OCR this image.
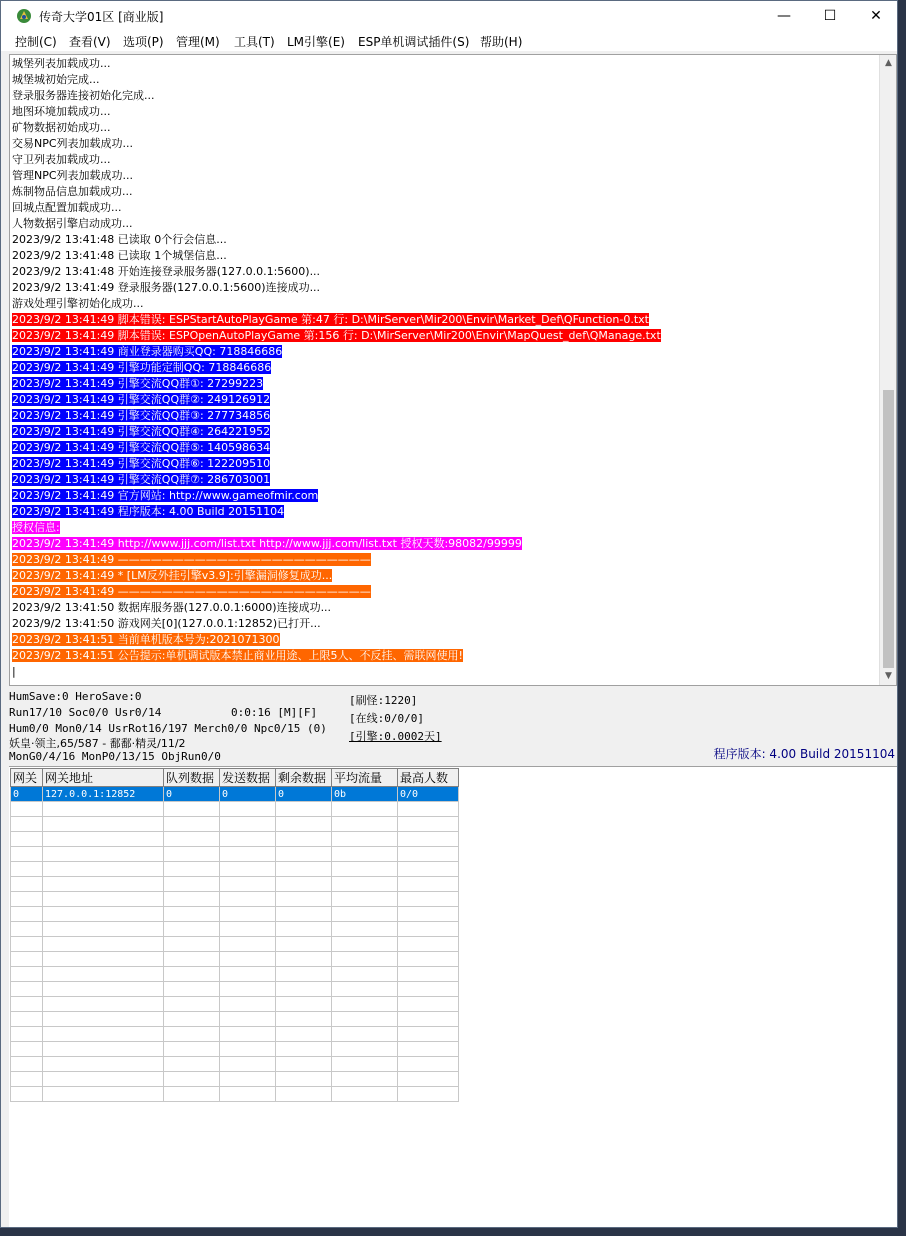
传奇大学01区 [商业版]	—	☐	✕
控制(C) 查看(V) 选项(P) 管理(M) 工具(T) LM引擎(E) ESP单机调试插件(S) 帮助(H)
城堡列表加载成功...
城堡城初始完成...
登录服务器连接初始化完成...
地图环境加载成功...
矿物数据初始成功...
交易NPC列表加载成功...
守卫列表加载成功...
管理NPC列表加载成功...
炼制物品信息加载成功...
回城点配置加载成功...
人物数据引擎启动成功...
2023/9/2 13:41:48 已读取 0个行会信息...
2023/9/2 13:41:48 已读取 1个城堡信息...
2023/9/2 13:41:48 开始连接登录服务器(127.0.0.1:5600)...
2023/9/2 13:41:49 登录服务器(127.0.0.1:5600)连接成功...
游戏处理引擎初始化成功...
2023/9/2 13:41:49 脚本错误: ESPStartAutoPlayGame 第:47 行: D:\MirServer\Mir200\Envir\Market_Def\QFunction-0.txt
2023/9/2 13:41:49 脚本错误: ESPOpenAutoPlayGame 第:156 行: D:\MirServer\Mir200\Envir\MapQuest_def\QManage.txt
2023/9/2 13:41:49 商业登录器购买QQ: 718846686
2023/9/2 13:41:49 引擎功能定制QQ: 718846686
2023/9/2 13:41:49 引擎交流QQ群①: 27299223
2023/9/2 13:41:49 引擎交流QQ群②: 249126912
2023/9/2 13:41:49 引擎交流QQ群③: 277734856
2023/9/2 13:41:49 引擎交流QQ群④: 264221952
2023/9/2 13:41:49 引擎交流QQ群⑤: 140598634
2023/9/2 13:41:49 引擎交流QQ群⑥: 122209510
2023/9/2 13:41:49 引擎交流QQ群⑦: 286703001
2023/9/2 13:41:49 官方网站: http://www.gameofmir.com
2023/9/2 13:41:49 程序版本: 4.00 Build 20151104
授权信息:
2023/9/2 13:41:49 http://www.jjj.com/list.txt http://www.jjj.com/list.txt 授权天数:98082/99999
2023/9/2 13:41:49 ———————————————————————
2023/9/2 13:41:49 * [LM反外挂引擎v3.9]:引擎漏洞修复成功...
2023/9/2 13:41:49 ———————————————————————
2023/9/2 13:41:50 数据库服务器(127.0.0.1:6000)连接成功...
2023/9/2 13:41:50 游戏网关[0](127.0.0.1:12852)已打开...
2023/9/2 13:41:51 当前单机版本号为:2021071300
2023/9/2 13:41:51 公告提示:单机调试版本禁止商业用途、上限5人、不反挂、需联网使用!
|
▲
▼
HumSave:0 HeroSave:0
Run17/10 Soc0/0 Usr0/14	0:0:16 [M][F]
Hum0/0 Mon0/14 UsrRot16/197 Merch0/0 Npc0/15 (0)
妖皇·领主,65/587 - 鄱鄱·精灵/11/2
MonG0/4/16 MonP0/13/15 ObjRun0/0
[刷怪:1220]
[在线:0/0/0]
[引擎:0.0002天]
程序版本: 4.00 Build 20151104
网关	网关地址	队列数据	发送数据	剩余数据	平均流量	最高人数
0	127.0.0.1:12852	0	0	0	0b	0/0
